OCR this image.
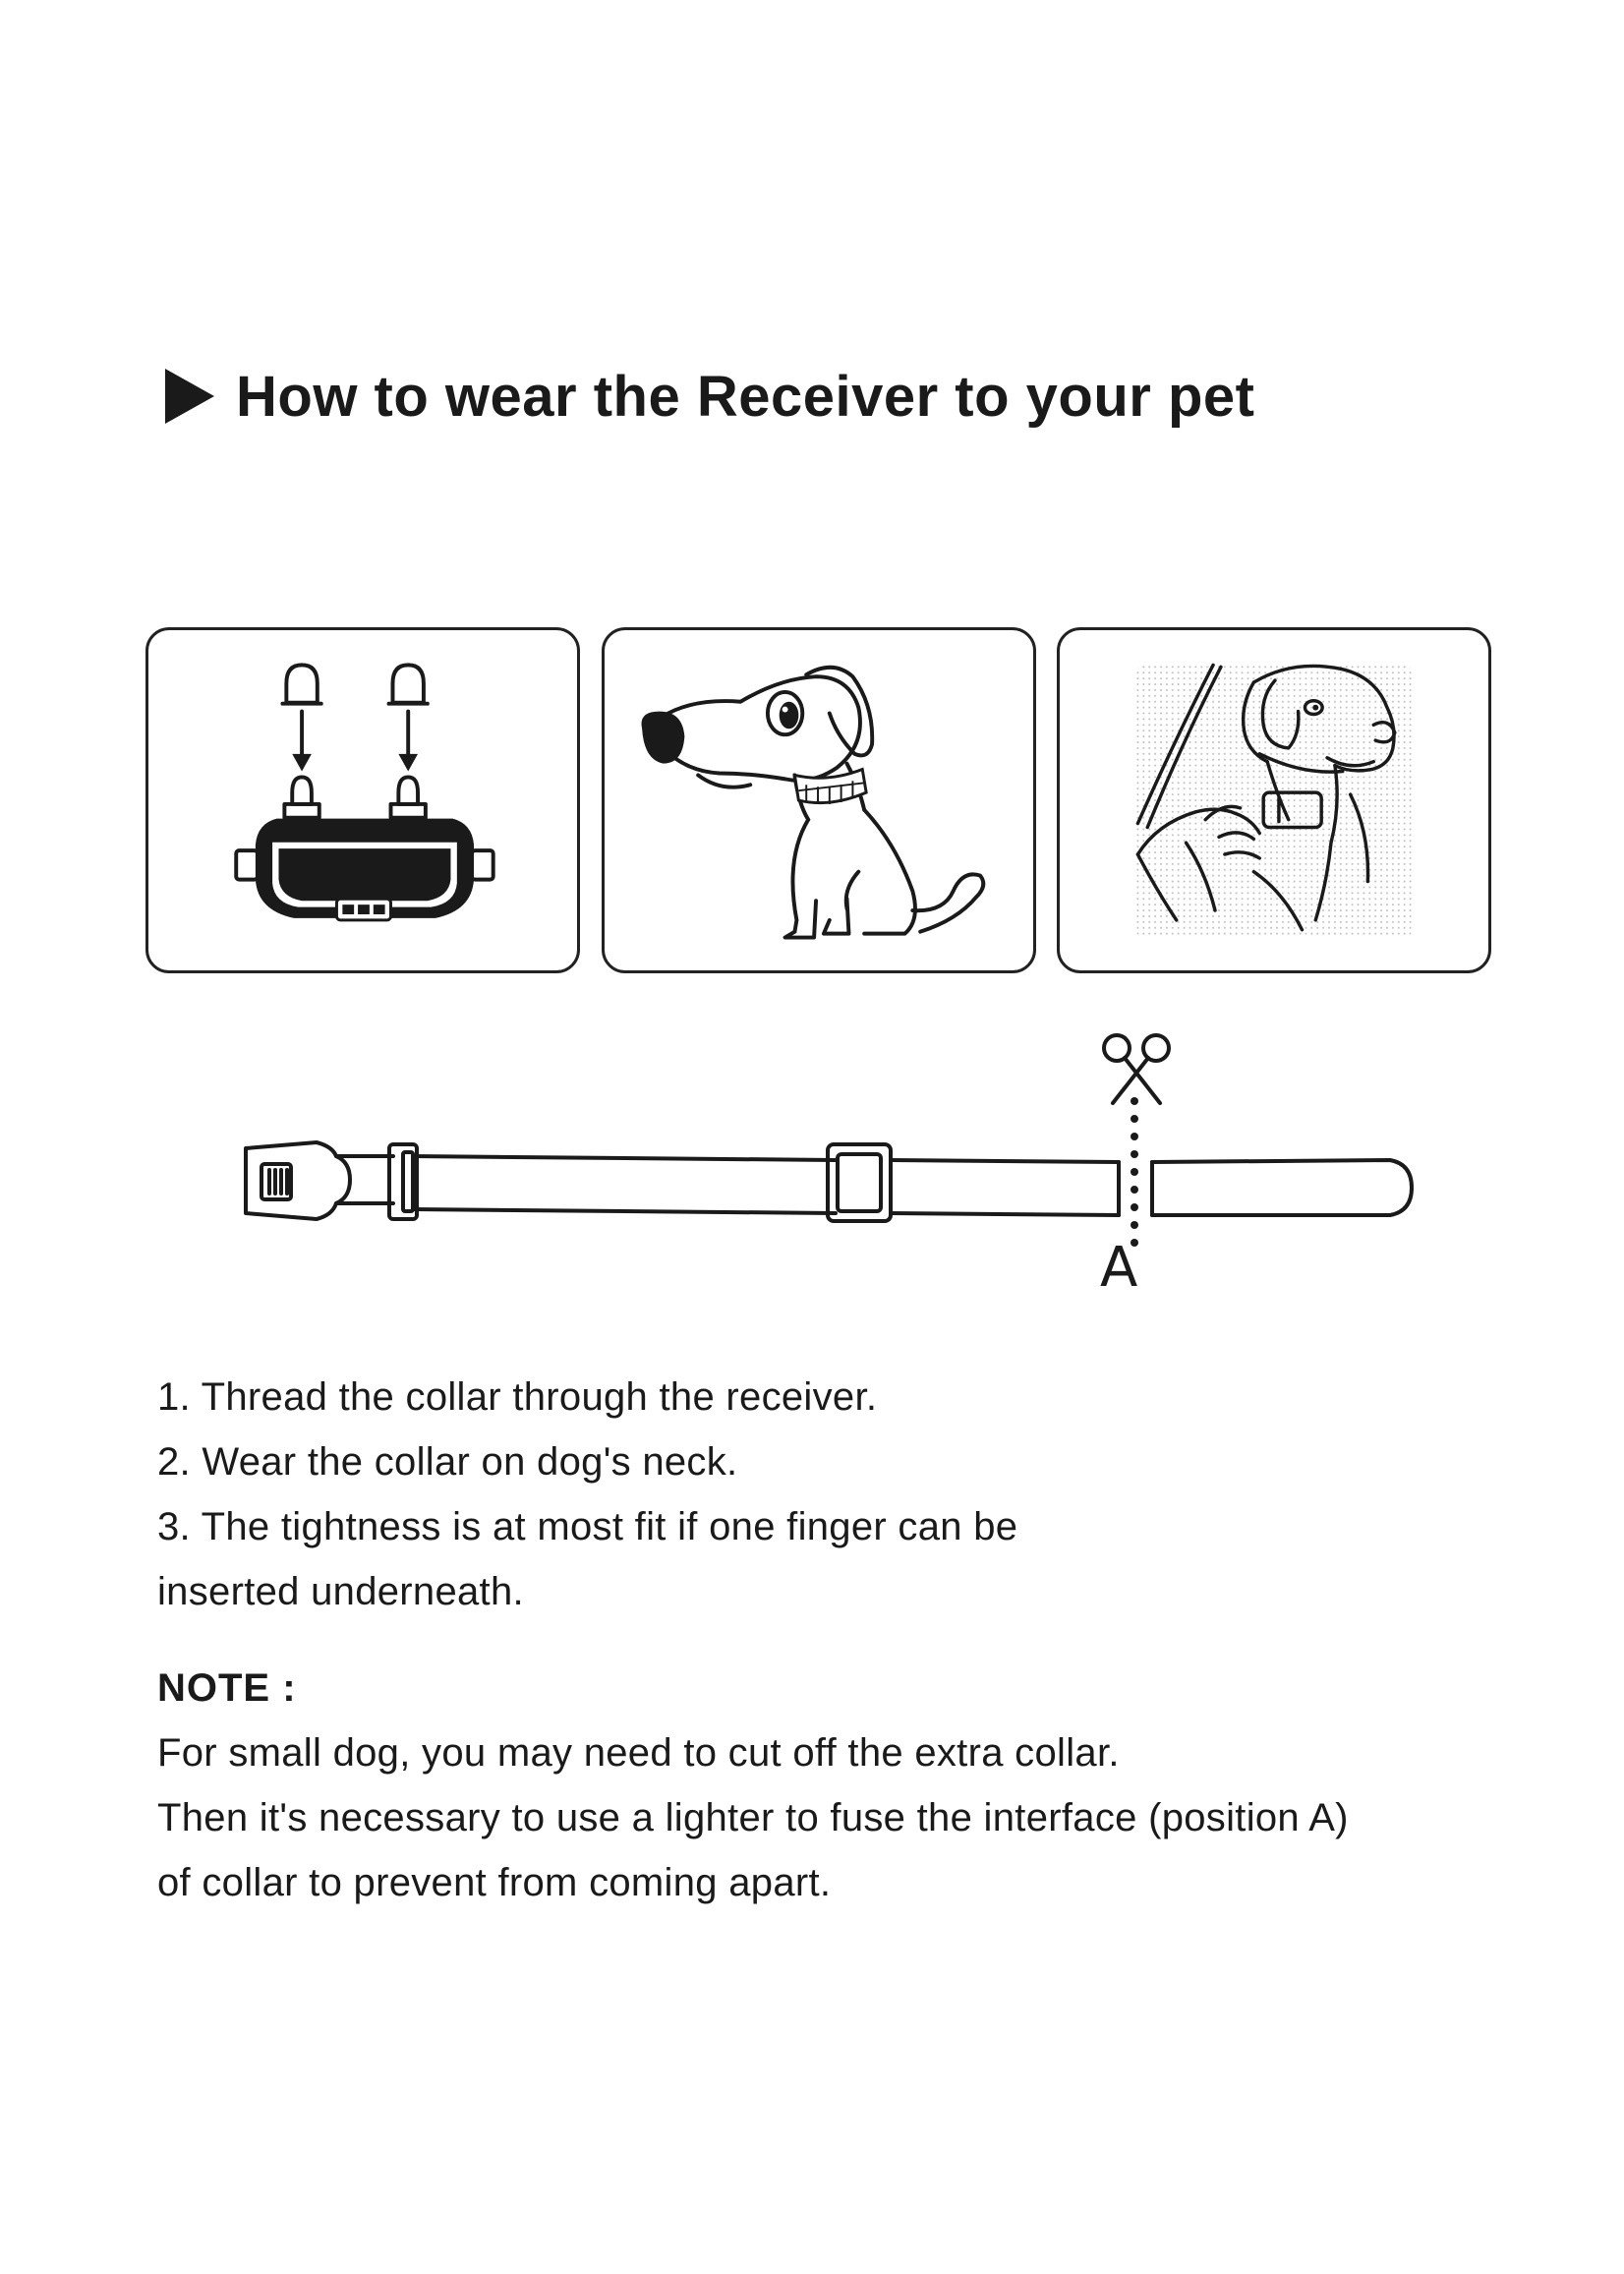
How to wear the Receiver to your pet
A
1. Thread the collar through the receiver.
2. Wear the collar on dog's neck.
3. The tightness is at most fit if one finger can be
inserted underneath.
NOTE :
For small dog, you may need to cut off the extra collar.
Then it's necessary to use a lighter to fuse the interface (position A)
of collar to prevent from coming apart.
